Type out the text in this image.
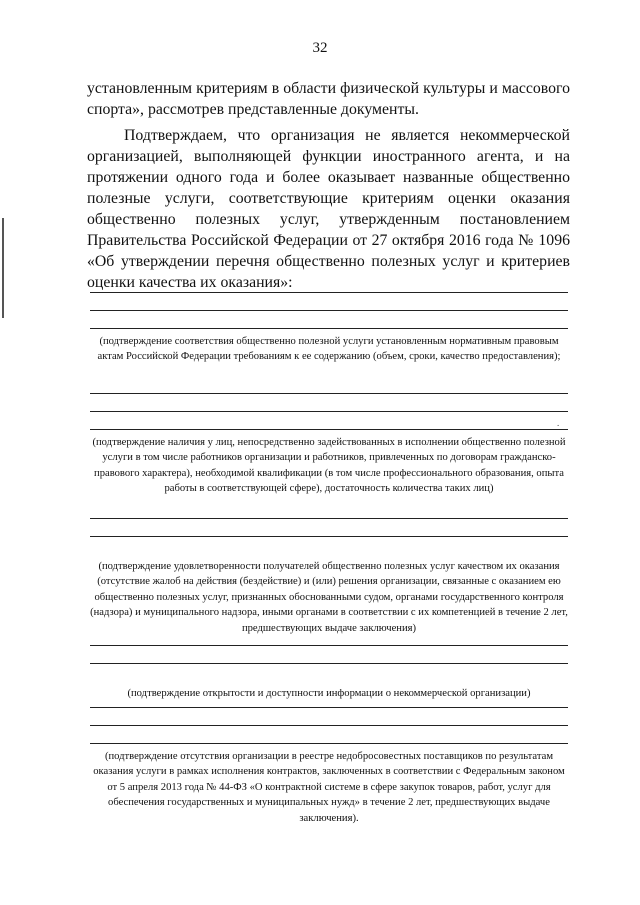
32

установленным критериям в области физической культуры и массового спорта», рассмотрев представленные документы.

Подтверждаем, что организация не является некоммерческой организацией, выполняющей функции иностранного агента, и на протяжении одного года и более оказывает названные общественно полезные услуги, соответствующие критериям оценки оказания общественно полезных услуг, утвержденным постановлением Правительства Российской Федерации от 27 октября 2016 года № 1096 «Об утверждении перечня общественно полезных услуг и критериев оценки качества их оказания»:

(подтверждение соответствия общественно полезной услуги установленным нормативным правовым актам Российской Федерации требованиям к ее содержанию (объем, сроки, качество предоставления);

(подтверждение наличия у лиц, непосредственно задействованных в исполнении общественно полезной услуги в том числе работников организации и работников, привлеченных по договорам гражданско-правового характера), необходимой квалификации (в том числе профессионального образования, опыта работы в соответствующей сфере), достаточность количества таких лиц)

.

(подтверждение удовлетворенности получателей общественно полезных услуг качеством их оказания (отсутствие жалоб на действия (бездействие) и (или) решения организации, связанные с оказанием ею общественно полезных услуг, признанных обоснованными судом, органами государственного контроля (надзора) и муниципального надзора, иными органами в соответствии с их компетенцией в течение 2 лет, предшествующих выдаче заключения)

(подтверждение открытости и доступности информации о некоммерческой организации)

(подтверждение отсутствия организации в реестре недобросовестных поставщиков по результатам оказания услуги в рамках исполнения контрактов, заключенных в соответствии с Федеральным законом от 5 апреля 2013 года № 44-ФЗ «О контрактной системе в сфере закупок товаров, работ, услуг для обеспечения государственных и муниципальных нужд» в течение 2 лет, предшествующих выдаче заключения).
